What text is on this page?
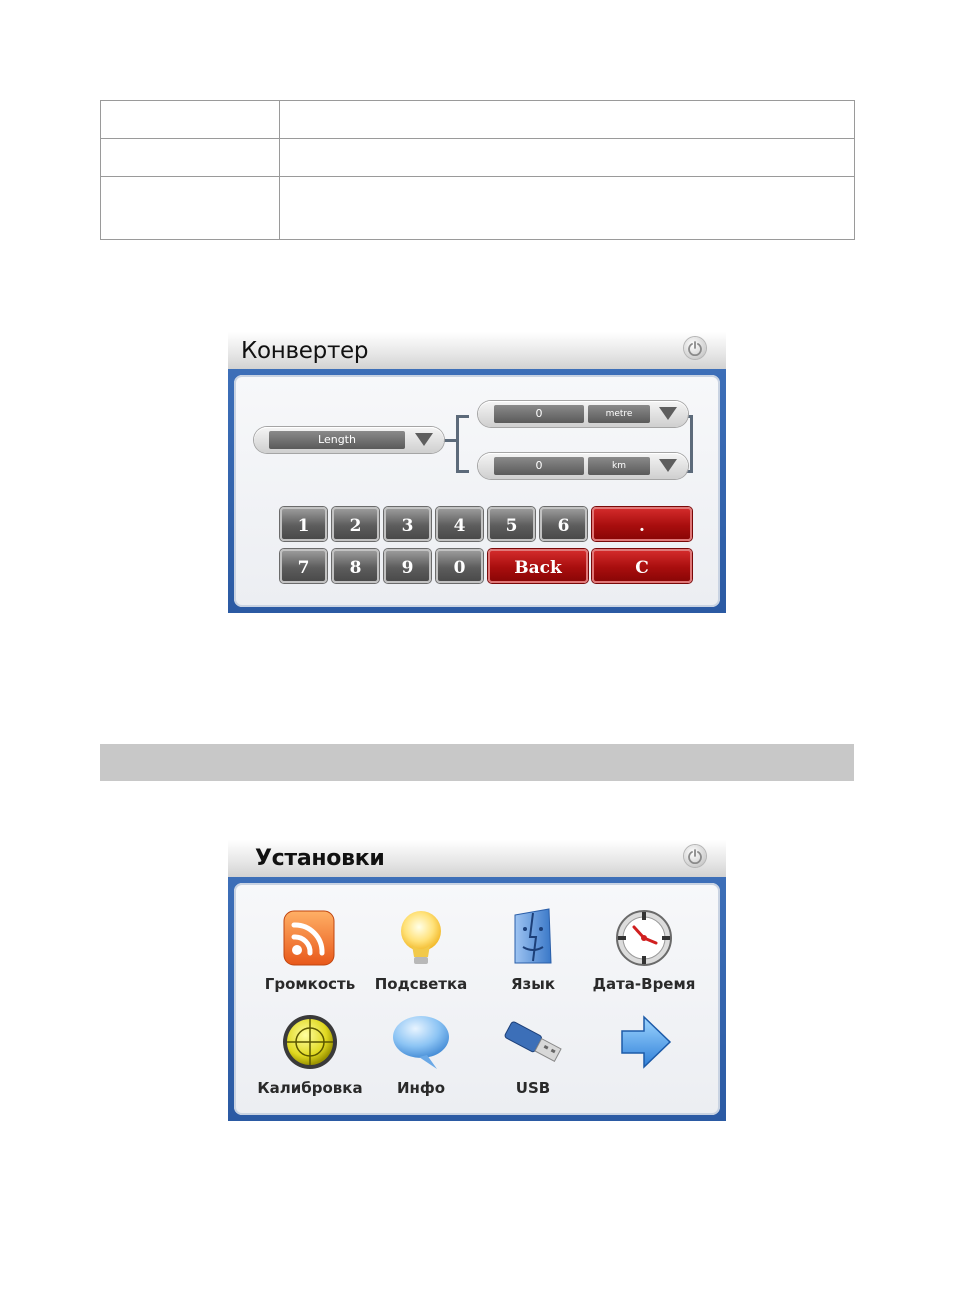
Конвертер
Length
0	metre
0	km
1	2	3	4	5	6	.
7	8	9	0	Back	C
Установки
Громкость	Подсветка	Язык	Дата-Время
Калибровка	Инфо	USB
